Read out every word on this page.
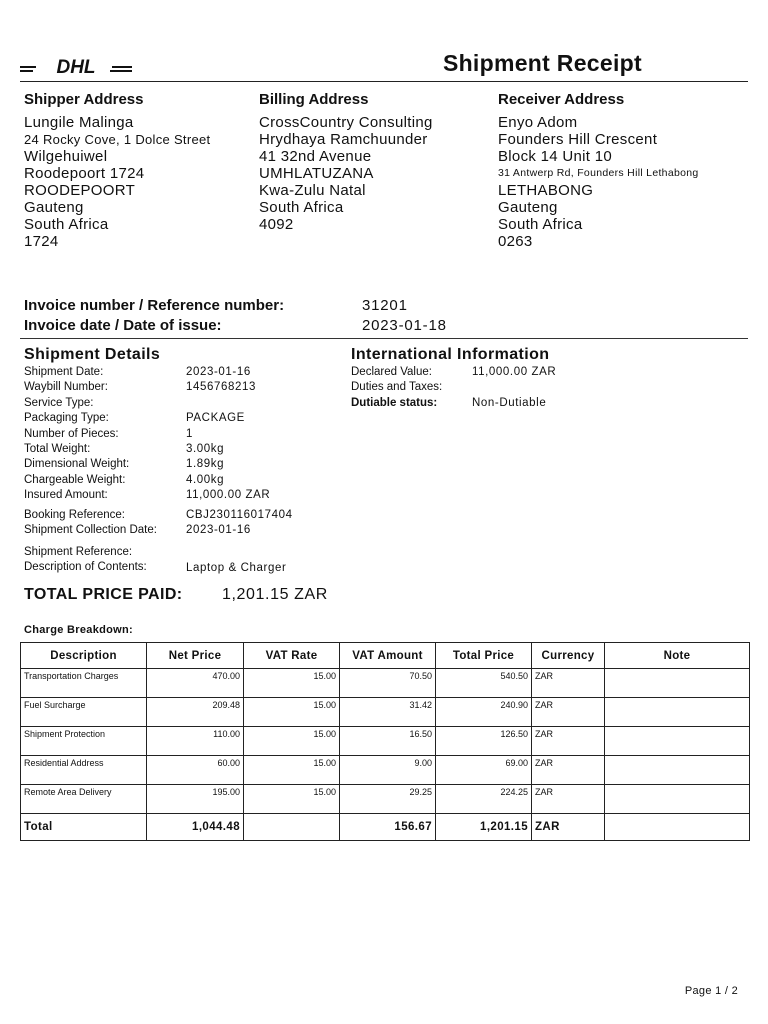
DHL	Shipment Receipt
Shipper Address	Billing Address	Receiver Address
Lungile Malinga
24 Rocky Cove, 1 Dolce Street
Wilgehuiwel
Roodepoort 1724
ROODEPOORT
Gauteng
South Africa
1724
CrossCountry Consulting
Hrydhaya Ramchuunder
41 32nd Avenue
UMHLATUZANA
Kwa-Zulu Natal
South Africa
4092
Enyo Adom
Founders Hill Crescent
Block 14 Unit 10
31 Antwerp Rd, Founders Hill Lethabong
LETHABONG
Gauteng
South Africa
0263
Invoice number / Reference number:	31201
Invoice date / Date of issue:	2023-01-18
Shipment Details
Shipment Date:	2023-01-16
Waybill Number:	1456768213
Service Type:
Packaging Type:	PACKAGE
Number of Pieces:	1
Total Weight:	3.00kg
Dimensional Weight:	1.89kg
Chargeable Weight:	4.00kg
Insured Amount:	11,000.00 ZAR
Booking Reference:	CBJ230116017404
Shipment Collection Date:	2023-01-16
Shipment Reference:
Description of Contents:	Laptop & Charger
International Information
Declared Value:	11,000.00 ZAR
Duties and Taxes:
Dutiable status:	Non-Dutiable
TOTAL PRICE PAID: 1,201.15 ZAR
Charge Breakdown:
Description	Net Price	VAT Rate	VAT Amount	Total Price	Currency	Note
Transportation Charges	470.00	15.00	70.50	540.50	ZAR	
Fuel Surcharge	209.48	15.00	31.42	240.90	ZAR	
Shipment Protection	110.00	15.00	16.50	126.50	ZAR	
Residential Address	60.00	15.00	9.00	69.00	ZAR	
Remote Area Delivery	195.00	15.00	29.25	224.25	ZAR	
Total	1,044.48		156.67	1,201.15	ZAR	
Page 1 / 2
